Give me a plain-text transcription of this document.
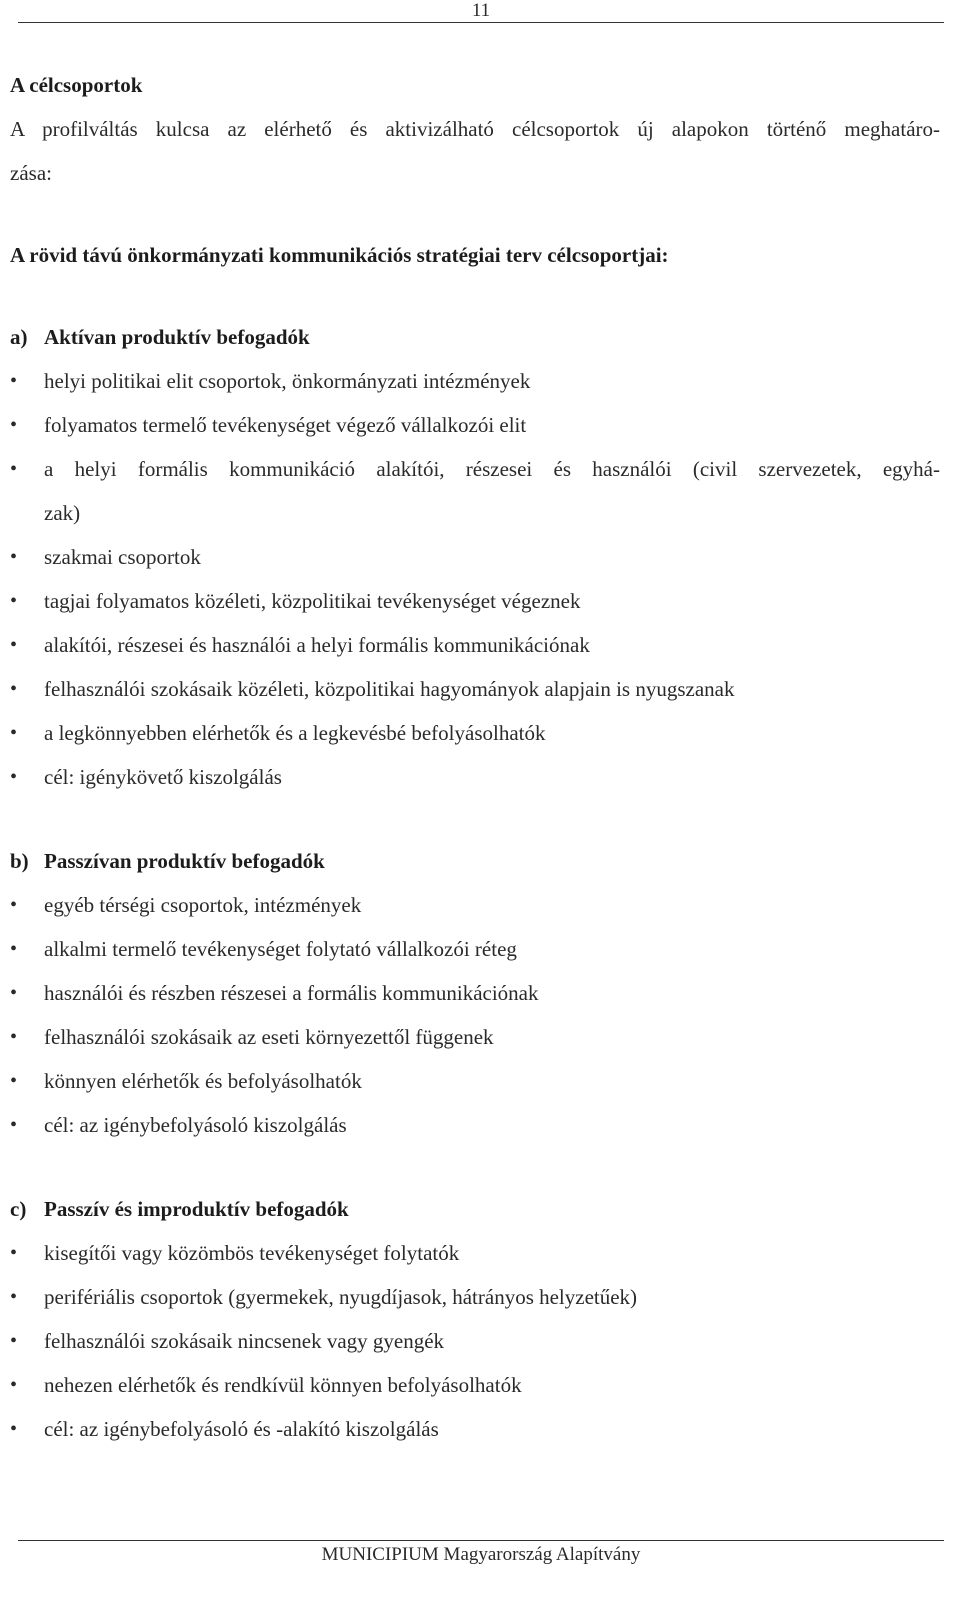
11
A célcsoportok
A profilváltás kulcsa az elérhető és aktivizálható célcsoportok új alapokon történő meghatáro-
zása:
A rövid távú önkormányzati kommunikációs stratégiai terv célcsoportjai:
a) Aktívan produktív befogadók
•	helyi politikai elit csoportok, önkormányzati intézmények
•	folyamatos termelő tevékenységet végező vállalkozói elit
•	a helyi formális kommunikáció alakítói, részesei és használói (civil szervezetek, egyhá-
zak)
•	szakmai csoportok
•	tagjai folyamatos közéleti, közpolitikai tevékenységet végeznek
•	alakítói, részesei és használói a helyi formális kommunikációnak
•	felhasználói szokásaik közéleti, közpolitikai hagyományok alapjain is nyugszanak
•	a legkönnyebben elérhetők és a legkevésbé befolyásolhatók
•	cél: igénykövető kiszolgálás
b) Passzívan produktív befogadók
•	egyéb térségi csoportok, intézmények
•	alkalmi termelő tevékenységet folytató vállalkozói réteg
•	használói és részben részesei a formális kommunikációnak
•	felhasználói szokásaik az eseti környezettől függenek
•	könnyen elérhetők és befolyásolhatók
•	cél: az igénybefolyásoló kiszolgálás
c) Passzív és improduktív befogadók
•	kisegítői vagy közömbös tevékenységet folytatók
•	perifériális csoportok (gyermekek, nyugdíjasok, hátrányos helyzetűek)
•	felhasználói szokásaik nincsenek vagy gyengék
•	nehezen elérhetők és rendkívül könnyen befolyásolhatók
•	cél: az igénybefolyásoló és -alakító kiszolgálás
MUNICIPIUM Magyarország Alapítvány
